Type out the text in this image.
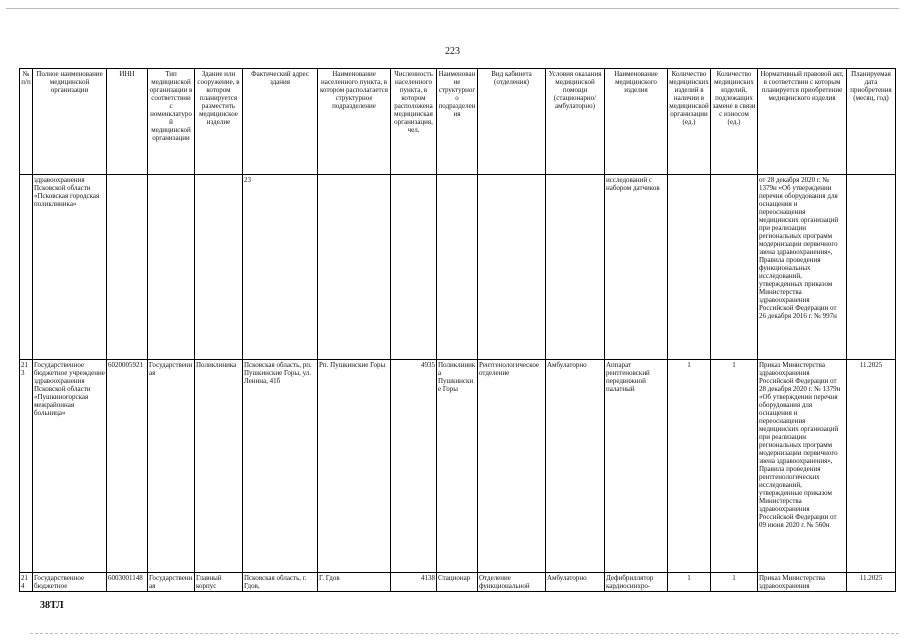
223
№ п/п	Полное наименование медицинской организации	ИНН	Тип медицинской организации в соответствии с номенклатурой медицинской организации	Здание или сооружение, в котором планируется разместить медицинское изделие	Фактический адрес здания	Наименование населенного пункта, в котором располагается структурное подразделение	Численность населенного пункта, в котором расположена медицинская организация, чел.	Наименование структурного подразделения	Вид кабинета (отделения)	Условия оказания медицинской помощи (стационарно/ амбулаторно)	Наименование медицинского изделия	Количество медицинских изделий в наличии в медицинской организации (ед.)	Количество медицинских изделий, подлежащих замене в связи с износом (ед.)	Нормативный правовой акт, в соответствии с которым планируется приобретение медицинского изделия	Планируемая дата приобретения (месяц, год)
	здравоохранения Псковской области «Псковская городская поликлиника»				23						исследований с набором датчиков			от 28 декабря 2020 г. № 1379н «Об утверждении перечня оборудования для оснащения и переоснащения медицинских организаций при реализации региональных программ модернизации первичного звена здравоохранения», Правила проведения функциональных исследований, утвержденных приказом Министерства здравоохранения Российской Федерации от 26 декабря 2016 г. № 997н	
213	Государственное бюджетное учреждение здравоохранения Псковской области «Пушкиногорская межрайонная больница»	6020005921	Государственная	Поликлиника	Псковская область, рп. Пушкинские Горы, ул. Ленина, 41б	Рп. Пушкинские Горы	4935	Поликлиника Пушкинские Горы	Рентгенологическое отделение	Амбулаторно	Аппарат рентгеновский передвижной палатный	1	1	Приказ Министерства здравоохранения Российской Федерации от 28 декабря 2020 г. № 1379н «Об утверждении перечня оборудования для оснащения и переоснащения медицинских организаций при реализации региональных программ модернизации первичного звена здравоохранения», Правила проведения рентгенологических исследований, утвержденные приказом Министерства здравоохранения Российской Федерации от 09 июня 2020 г. № 560н	11.2025
214	Государственное бюджетное	6003001148	Государственная	Главный корпус	Псковская область, г. Гдов,	Г. Гдов	4138	Стационар	Отделение функциональной	Амбулаторно	Дефибриллятор кардиосинхро-	1	1	Приказ Министерства здравоохранения	11.2025
38ТЛ
